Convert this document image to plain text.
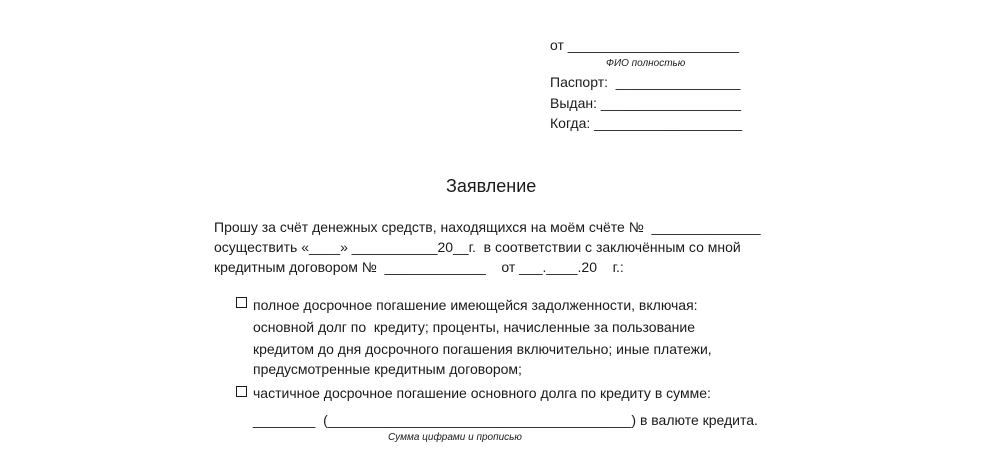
от ______________________
ФИО полностью
Паспорт:  ________________
Выдан: __________________
Когда: ___________________
Заявление
Прошу за счёт денежных средств, находящихся на моём счёте №  ______________
осуществить «____» ___________20__г.  в соответствии с заключённым со мной
кредитным договором №  _____________    от ___.____.20    г.:
полное досрочное погашение имеющейся задолженности, включая:
основной долг по  кредиту; проценты, начисленные за пользование
кредитом до дня досрочного погашения включительно; иные платежи,
предусмотренные кредитным договором;
частичное досрочное погашение основного долга по кредиту в сумме:
________  (_______________________________________) в валюте кредита.
Сумма цифрами и прописью
